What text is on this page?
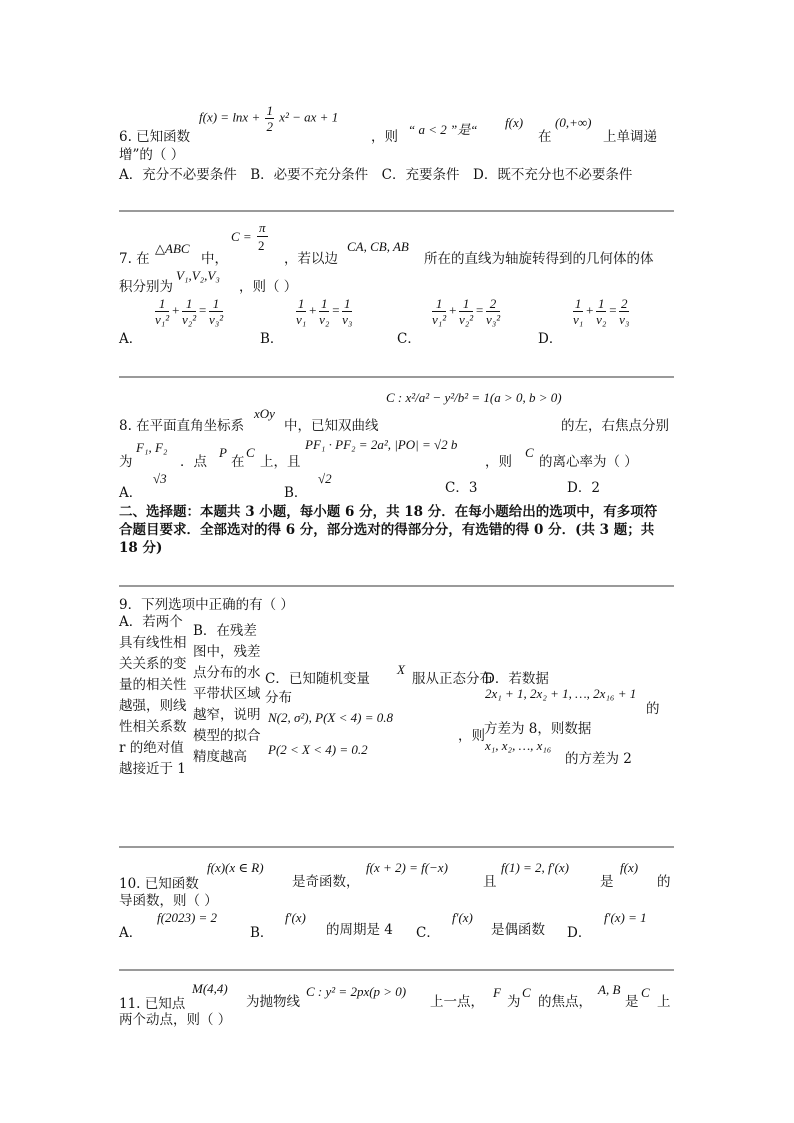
$f(x) = \ln x + \frac{1}{2} x^2$ − ax + 1
6. 已知函数	，则 “ a < 2 ”是“ f(x)
在
(0,+∞)
上单调递
增”的（ ）
A．充分不必要条件　B．必要不充分条件　C．充要条件　D．既不充分也不必要条件
7. 在
△ABC
中，
C =
π
2
，若以边
CA, CB, AB
所在的直线为轴旋转得到的几何体的体
积分别为
V₁,V₂,V₃
，则（ ）
A．
$\frac{1}{\text{v₁²}} + \frac{1}{\text{v₂²}} = \frac{1}{\text{v₃²}}$
B．
$\frac{1}{\text{v₁}} + \frac{1}{\text{v₂}} = \frac{1}{\text{v₃}}$
C．
$\frac{1}{\text{v₁²}} + \frac{1}{\text{v₂²}} = \frac{2}{\text{v₃²}}$
D．
$\frac{1}{\text{v₁}} + \frac{1}{\text{v₂}} = \frac{2}{\text{v₃}}$
C : x²/a² − y²/b² = 1(a > 0, b > 0)
8. 在平面直角坐标系
xOy
中，已知双曲线	的左，右焦点分别
为
F₁, F₂
．点
P
在
C
上，且
PF₁ · PF₂ = 2a², |PO| = √2 b
，则
C
的离心率为（ ）
A．
√3
B．
√2
C．3	D．2
二、选择题：本题共 3 小题，每小题 6 分，共 18 分．在每小题给出的选项中，有多项符
合题目要求．全部选对的得 6 分，部分选对的得部分分，有选错的得 0 分．(共 3 题；共
18 分)
9．下列选项中正确的有（ ）
A．若两个具有线性相关关系的变量的相关性越强，则线性相关系数 r 的绝对值越接近于 1
B．在残差图中，残差点分布的水平带状区域越窄，说明模型的拟合精度越高
C．已知随机变量
X
服从正态分布
分布
N(2, σ²), P(X < 4) = 0.8
，则
P(2 < X < 4) = 0.2
D．若数据
2x₁ + 1, 2x₂ + 1, …, 2x₁₆ + 1
的
方差为 8，则数据
x₁, x₂, …, x₁₆
的方差为 2
10. 已知函数
f(x)(x ∈ R)
是奇函数，
f(x + 2) = f(−x)
且
f(1) = 2, f′(x)
是
f(x)
的
导函数，则（ ）
A．
f(2023) = 2
B．
f′(x)
的周期是 4 C．
f′(x)
是偶函数 D．
f′(x) = 1
11. 已知点
M(4,4)
为抛物线
C : y² = 2px(p > 0)
上一点，
F
为
C
的焦点，
A, B
是
C
上
两个动点，则（ ）
